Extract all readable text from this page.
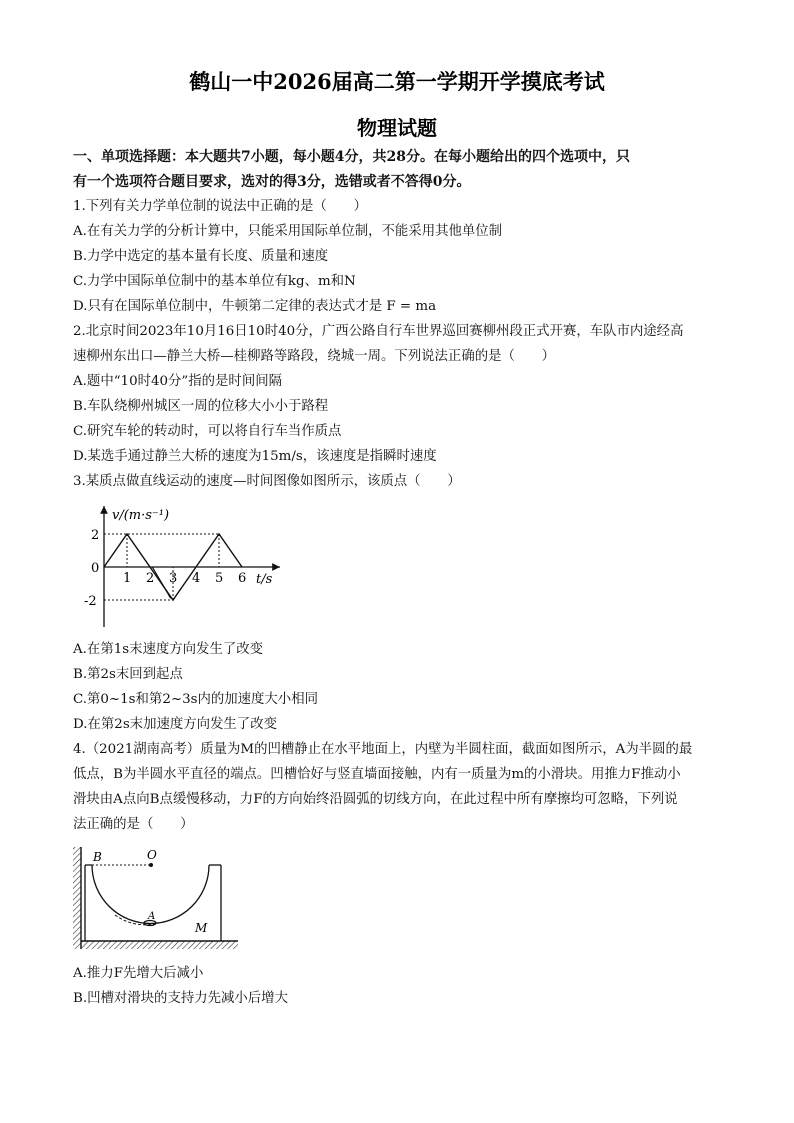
鹤山一中2026届高二第一学期开学摸底考试
物理试题
一、单项选择题：本大题共7小题，每小题4分，共28分。在每小题给出的四个选项中，只
有一个选项符合题目要求，选对的得3分，选错或者不答得0分。
1.下列有关力学单位制的说法中正确的是（　　）
A.在有关力学的分析计算中，只能采用国际单位制，不能采用其他单位制
B.力学中选定的基本量有长度、质量和速度
C.力学中国际单位制中的基本单位有kg、m和N
D.只有在国际单位制中，牛顿第二定律的表达式才是 F = ma
2.北京时间2023年10月16日10时40分，广西公路自行车世界巡回赛柳州段正式开赛，车队市内途经高
速柳州东出口—静兰大桥—桂柳路等路段，绕城一周。下列说法正确的是（　　）
A.题中“10时40分”指的是时间间隔
B.车队绕柳州城区一周的位移大小小于路程
C.研究车轮的转动时，可以将自行车当作质点
D.某选手通过静兰大桥的速度为15m/s，该速度是指瞬时速度
3.某质点做直线运动的速度—时间图像如图所示，该质点（　　）
1 2 3 4 5 6
2
0
-2
v/(m·s⁻¹)
t/s
A.在第1s末速度方向发生了改变
B.第2s末回到起点
C.第0~1s和第2~3s内的加速度大小相同
D.在第2s末加速度方向发生了改变
4.（2021湖南高考）质量为M的凹槽静止在水平地面上，内壁为半圆柱面，截面如图所示，A为半圆的最
低点，B为半圆水平直径的端点。凹槽恰好与竖直墙面接触，内有一质量为m的小滑块。用推力F推动小
滑块由A点向B点缓慢移动，力F的方向始终沿圆弧的切线方向，在此过程中所有摩擦均可忽略，下列说
法正确的是（　　）
B	O
A
M
A.推力F先增大后减小
B.凹槽对滑块的支持力先减小后增大
